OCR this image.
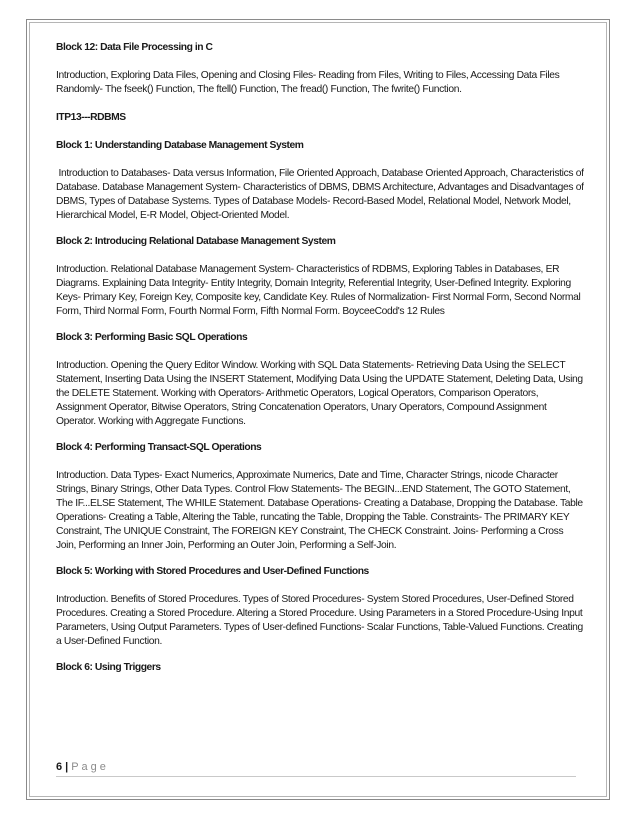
Block 12: Data File Processing in C

Introduction, Exploring Data Files, Opening and Closing Files- Reading from Files, Writing to Files, Accessing Data Files Randomly- The fseek() Function, The ftell() Function, The fread() Function, The fwrite() Function.

ITP13---RDBMS
Block 1: Understanding Database Management System

Introduction to Databases- Data versus Information, File Oriented Approach, Database Oriented Approach, Characteristics of Database. Database Management System- Characteristics of DBMS, DBMS Architecture, Advantages and Disadvantages of DBMS, Types of Database Systems. Types of Database Models- Record-Based Model, Relational Model, Network Model, Hierarchical Model, E-R Model, Object-Oriented Model.

Block 2: Introducing Relational Database Management System

Introduction. Relational Database Management System- Characteristics of RDBMS, Exploring Tables in Databases, ER Diagrams. Explaining Data Integrity- Entity Integrity, Domain Integrity, Referential Integrity, User-Defined Integrity. Exploring Keys- Primary Key, Foreign Key, Composite key, Candidate Key. Rules of Normalization- First Normal Form, Second Normal Form, Third Normal Form, Fourth Normal Form, Fifth Normal Form. BoyceeCodd's 12 Rules

Block 3: Performing Basic SQL Operations

Introduction. Opening the Query Editor Window. Working with SQL Data Statements- Retrieving Data Using the SELECT Statement, Inserting Data Using the INSERT Statement, Modifying Data Using the UPDATE Statement, Deleting Data, Using the DELETE Statement. Working with Operators- Arithmetic Operators, Logical Operators, Comparison Operators, Assignment Operator, Bitwise Operators, String Concatenation Operators, Unary Operators, Compound Assignment Operator. Working with Aggregate Functions.

Block 4: Performing Transact-SQL Operations

Introduction. Data Types- Exact Numerics, Approximate Numerics, Date and Time, Character Strings, nicode Character Strings, Binary Strings, Other Data Types. Control Flow Statements- The BEGIN...END Statement, The GOTO Statement, The IF...ELSE Statement, The WHILE Statement. Database Operations- Creating a Database, Dropping the Database. Table Operations- Creating a Table, Altering the Table, runcating the Table, Dropping the Table. Constraints- The PRIMARY KEY Constraint, The UNIQUE Constraint, The FOREIGN KEY Constraint, The CHECK Constraint. Joins- Performing a Cross Join, Performing an Inner Join, Performing an Outer Join, Performing a Self-Join.

Block 5: Working with Stored Procedures and User-Defined Functions

Introduction. Benefits of Stored Procedures. Types of Stored Procedures- System Stored Procedures, User-Defined Stored Procedures. Creating a Stored Procedure. Altering a Stored Procedure. Using Parameters in a Stored Procedure-Using Input Parameters, Using Output Parameters. Types of User-defined Functions- Scalar Functions, Table-Valued Functions. Creating a User-Defined Function.

Block 6: Using Triggers
6 | Page
